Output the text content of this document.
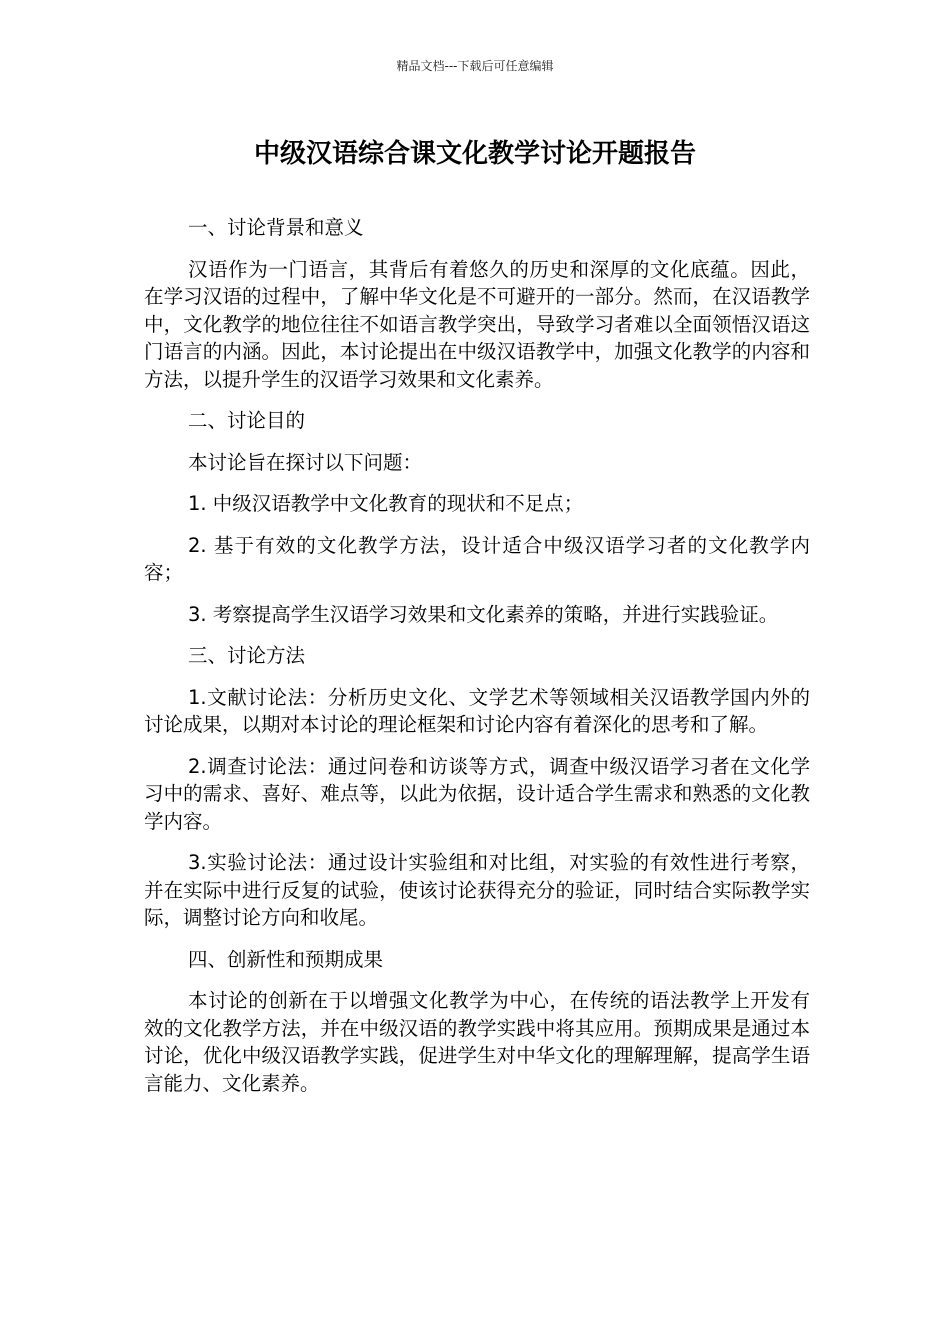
精品文档---下载后可任意编辑
中级汉语综合课文化教学讨论开题报告

一、讨论背景和意义

汉语作为一门语言，其背后有着悠久的历史和深厚的文化底蕴。因此，在学习汉语的过程中，了解中华文化是不可避开的一部分。然而，在汉语教学中，文化教学的地位往往不如语言教学突出，导致学习者难以全面领悟汉语这门语言的内涵。因此，本讨论提出在中级汉语教学中，加强文化教学的内容和方法，以提升学生的汉语学习效果和文化素养。

二、讨论目的

本讨论旨在探讨以下问题：

1. 中级汉语教学中文化教育的现状和不足点；

2. 基于有效的文化教学方法，设计适合中级汉语学习者的文化教学内容；

3. 考察提高学生汉语学习效果和文化素养的策略，并进行实践验证。

三、讨论方法

1.文献讨论法：分析历史文化、文学艺术等领域相关汉语教学国内外的讨论成果，以期对本讨论的理论框架和讨论内容有着深化的思考和了解。

2.调查讨论法：通过问卷和访谈等方式，调查中级汉语学习者在文化学习中的需求、喜好、难点等，以此为依据，设计适合学生需求和熟悉的文化教学内容。

3.实验讨论法：通过设计实验组和对比组，对实验的有效性进行考察，并在实际中进行反复的试验，使该讨论获得充分的验证，同时结合实际教学实际，调整讨论方向和收尾。

四、创新性和预期成果

本讨论的创新在于以增强文化教学为中心，在传统的语法教学上开发有效的文化教学方法，并在中级汉语的教学实践中将其应用。预期成果是通过本讨论，优化中级汉语教学实践，促进学生对中华文化的理解理解，提高学生语言能力、文化素养。
